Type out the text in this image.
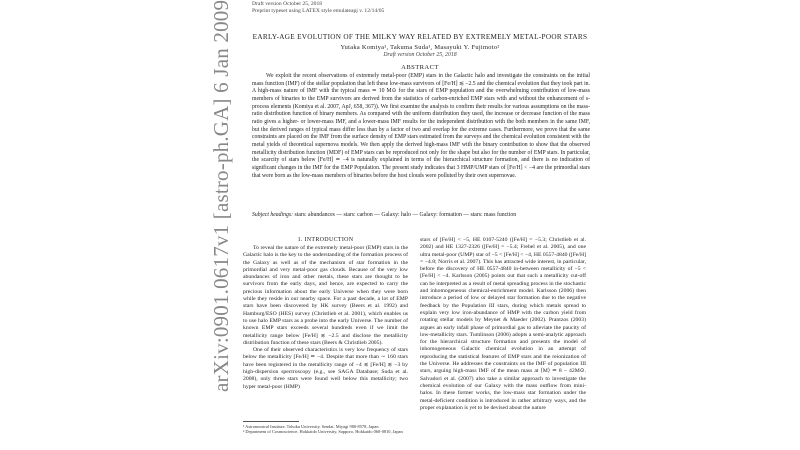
arXiv:0901.0617v1 [astro-ph.GA] 6 Jan 2009	Draft version October 25, 2018
Preprint typeset using LATEX style emulateapj v. 12/14/05
EARLY-AGE EVOLUTION OF THE MILKY WAY RELATED BY EXTREMELY METAL-POOR STARS
Yutaka Komiya¹, Takuma Suda¹, Masayuki Y. Fujimoto²
Draft version October 25, 2018
ABSTRACT
We exploit the recent observations of extremely metal-poor (EMP) stars in the Galactic halo and investigate the constraints on the initial mass function (IMF) of the stellar population that left these low-mass survivors of [Fe/H] ≲ −2.5 and the chemical evolution that they took part in. A high-mass nature of IMF with the typical mass ≃ 10 M⊙ for the stars of EMP population and the overwhelming contribution of low-mass members of binaries to the EMP survivors are derived from the statistics of carbon-enriched EMP stars with and without the enhancement of s-process elements (Komiya et al. 2007, ApJ, 658, 367)). We first examine the analysis to confirm their results for various assumptions on the mass-ratio distribution function of binary members. As compared with the uniform distribution they used, the increase or decrease function of the mass ratio gives a higher- or lower-mass IMF, and a lower-mass IMF results for the independent distribution with the both members in the same IMF, but the derived ranges of typical mass differ less than by a factor of two and overlap for the extreme cases. Furthermore, we prove that the same constraints are placed on the IMF from the surface density of EMP stars estimated from the surveys and the chemical evolution consistent with the metal yields of theoretical supernova models. We then apply the derived high-mass IMF with the binary contribution to show that the observed metallicity distribution function (MDF) of EMP stars can be reproduced not only for the shape but also for the number of EMP stars. In particular, the scarcity of stars below [Fe/H] ≃ −4 is naturally explained in terms of the hierarchical structure formation, and there is no indication of significant changes in the IMF for the EMP Population. The present study indicates that 3 HMP/UMP stars of [Fe/H] < −4 are the primordial stars that were born as the low-mass members of binaries before the host clouds were polluted by their own supernovae.
Subject headings: stars: abundances — stars: carbon — Galaxy: halo — Galaxy: formation — stars: mass function
1. INTRODUCTION

To reveal the nature of the extremely metal-poor (EMP) stars in the Galactic halo is the key to the understanding of the formation process of the Galaxy as well as of the mechanism of star formation in the primordial and very metal-poor gas clouds. Because of the very low abundances of iron and other metals, these stars are thought to be survivors from the early days, and hence, are expected to carry the precious information about the early Universe when they were born while they reside in our nearby space. For a past decade, a lot of EMP stars have been discovered by HK survey (Beers et al. 1992) and Hamburg/ESO (HES) survey (Christlieb et al. 2001), which enables us to use halo EMP stars as a probe into the early Universe. The number of known EMP stars exceeds several hundreds even if we limit the metallicity range below [Fe/H] ≲ −2.5 and disclose the metallicity distribution function of these stars (Beers & Christlieb 2005).

One of their observed characteristics is very low frequency of stars below the metallicity [Fe/H] ≃ −4. Despite that more than ∼ 160 stars have been registered in the metallicity range of −4 ≲ [Fe/H] ≲ −3 by high-dispersion spectroscopy (e.g., see SAGA Database; Suda et al. 2008), only three stars were found well below this metallicity; two hyper metal-poor (HMP)

¹ Astronomical Institute, Tohoku University, Sendai, Miyagi 980-8578, Japan
² Department of Cosmoscience, Hokkaido University, Sapporo, Hokkaido 060-0810, Japan
stars of [Fe/H] < −5, HE 0107-5240 ([Fe/H] = −5.3; Christlieb et al. 2002) and HE 1327-2326 ([Fe/H] = −5.4; Frebel et al. 2005), and one ultra metal-poor (UMP) star of −5 < [Fe/H] < −4, HE 0557-4840 ([Fe/H] = −4.8; Norris et al. 2007). This has attracted wide interest, in particular, before the discovery of HE 0557-4840 in-between metallicity of −5 < [Fe/H] < −4. Karlsson (2005) points out that such a metallicity cut-off can be interpreted as a result of metal spreading process in the stochastic and inhomogeneous chemical-enrichment model. Karlsson (2006) then introduce a period of low or delayed star formation due to the negative feedback by the Population III stars, during which metals spread to explain very low iron-abundance of HMP with the carbon yield from rotating stellar models by Meynet & Maeder (2002). Prantzos (2003) argues an early infall phase of primordial gas to alleviate the paucity of low-metallicity stars. Tumlinson (2006) adopts a semi-analytic approach for the hierarchical structure formation and presents the model of inhomogeneous Galactic chemical evolution in an attempt of reproducing the statistical features of EMP stars and the reionization of the Universe. He addresses the constraints on the IMF of population III stars, arguing high-mass IMF of the mean mass at ⟨M⟩ ≃ 8 − 42M⊙. Salvadori et al. (2007) also take a similar approach to investigate the chemical evolution of our Galaxy with the mass outflow from mini-halos. In these former works, the low-mass star formation under the metal-deficient condition is introduced in rather arbitrary ways, and the proper explanation is yet to be devised about the nature
